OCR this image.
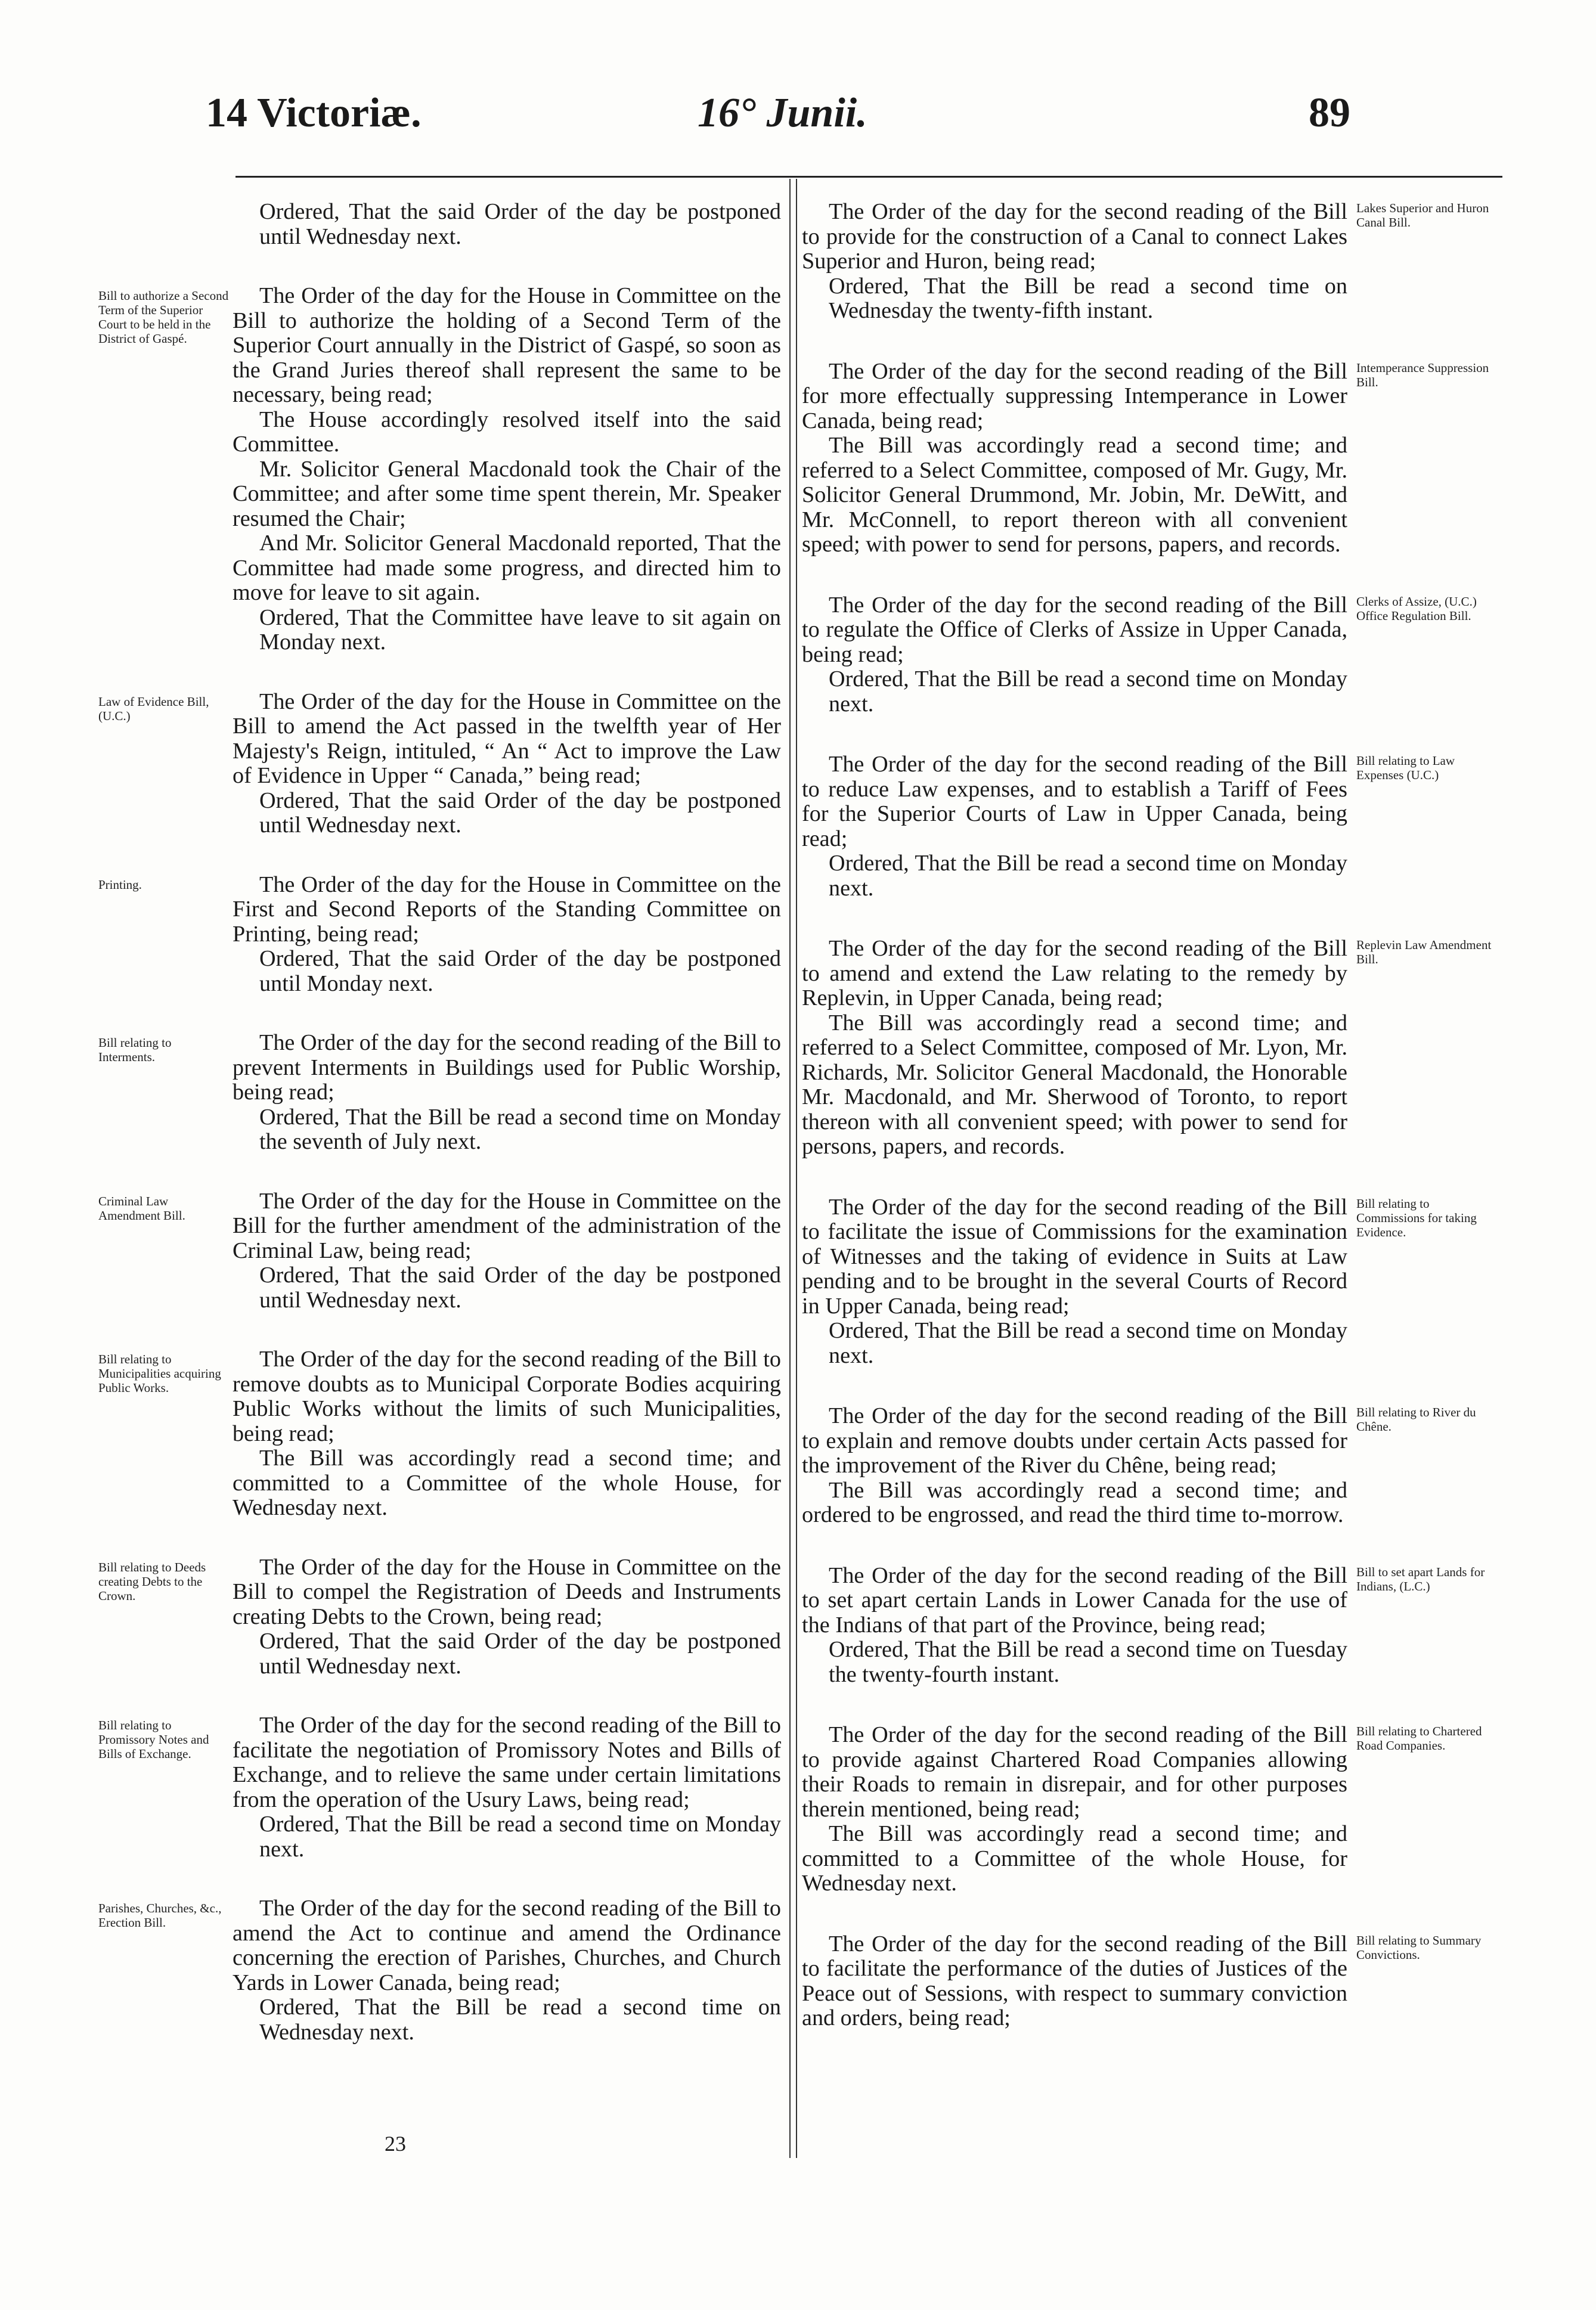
14 Victoriæ.	16° Junii.	89

Ordered, That the said Order of the day be postponed until Wednesday next.

Bill to authorize a Second Term of the Superior Court to be held in the District of Gaspé.

The Order of the day for the House in Committee on the Bill to authorize the holding of a Second Term of the Superior Court annually in the District of Gaspé, so soon as the Grand Juries thereof shall represent the same to be necessary, being read;

The House accordingly resolved itself into the said Committee.

Mr. Solicitor General Macdonald took the Chair of the Committee; and after some time spent therein, Mr. Speaker resumed the Chair;

And Mr. Solicitor General Macdonald reported, That the Committee had made some progress, and directed him to move for leave to sit again.

Ordered, That the Committee have leave to sit again on Monday next.

Law of Evidence Bill, (U.C.)

The Order of the day for the House in Committee on the Bill to amend the Act passed in the twelfth year of Her Majesty's Reign, intituled, “ An “ Act to improve the Law of Evidence in Upper “ Canada,” being read;

Ordered, That the said Order of the day be postponed until Wednesday next.

Printing.	The Order of the day for the House in Committee on the First and Second Reports of the Standing Committee on Printing, being read;

Ordered, That the said Order of the day be postponed until Monday next.

Bill relating to Interments.

The Order of the day for the second reading of the Bill to prevent Interments in Buildings used for Public Worship, being read;

Ordered, That the Bill be read a second time on Monday the seventh of July next.

Criminal Law Amendment Bill.

The Order of the day for the House in Committee on the Bill for the further amendment of the administration of the Criminal Law, being read;

Ordered, That the said Order of the day be postponed until Wednesday next.

Bill relating to Municipalities acquiring Public Works.

The Order of the day for the second reading of the Bill to remove doubts as to Municipal Corporate Bodies acquiring Public Works without the limits of such Municipalities, being read;

The Bill was accordingly read a second time; and committed to a Committee of the whole House, for Wednesday next.

Bill relating to Deeds creating Debts to the Crown.

The Order of the day for the House in Committee on the Bill to compel the Registration of Deeds and Instruments creating Debts to the Crown, being read;

Ordered, That the said Order of the day be postponed until Wednesday next.

Bill relating to Promissory Notes and Bills of Exchange.

The Order of the day for the second reading of the Bill to facilitate the negotiation of Promissory Notes and Bills of Exchange, and to relieve the same under certain limitations from the operation of the Usury Laws, being read;

Ordered, That the Bill be read a second time on Monday next.

Parishes, Churches, &c., Erection Bill.

The Order of the day for the second reading of the Bill to amend the Act to continue and amend the Ordinance concerning the erection of Parishes, Churches, and Church Yards in Lower Canada, being read;

Ordered, That the Bill be read a second time on Wednesday next.

Lakes Superior and Huron Canal Bill.

The Order of the day for the second reading of the Bill to provide for the construction of a Canal to connect Lakes Superior and Huron, being read;

Ordered, That the Bill be read a second time on Wednesday the twenty-fifth instant.

Intemperance Suppression Bill.

The Order of the day for the second reading of the Bill for more effectually suppressing Intemperance in Lower Canada, being read;

The Bill was accordingly read a second time; and referred to a Select Committee, composed of Mr. Gugy, Mr. Solicitor General Drummond, Mr. Jobin, Mr. DeWitt, and Mr. McConnell, to report thereon with all convenient speed; with power to send for persons, papers, and records.

Clerks of Assize, (U.C.) Office Regulation Bill.

The Order of the day for the second reading of the Bill to regulate the Office of Clerks of Assize in Upper Canada, being read;

Ordered, That the Bill be read a second time on Monday next.

Bill relating to Law Expenses (U.C.)

The Order of the day for the second reading of the Bill to reduce Law expenses, and to establish a Tariff of Fees for the Superior Courts of Law in Upper Canada, being read;

Ordered, That the Bill be read a second time on Monday next.

Replevin Law Amendment Bill.

The Order of the day for the second reading of the Bill to amend and extend the Law relating to the remedy by Replevin, in Upper Canada, being read;

The Bill was accordingly read a second time; and referred to a Select Committee, composed of Mr. Lyon, Mr. Richards, Mr. Solicitor General Macdonald, the Honorable Mr. Macdonald, and Mr. Sherwood of Toronto, to report thereon with all convenient speed; with power to send for persons, papers, and records.

Bill relating to Commissions for taking Evidence.

The Order of the day for the second reading of the Bill to facilitate the issue of Commissions for the examination of Witnesses and the taking of evidence in Suits at Law pending and to be brought in the several Courts of Record in Upper Canada, being read;

Ordered, That the Bill be read a second time on Monday next.

Bill relating to River du Chêne.

The Order of the day for the second reading of the Bill to explain and remove doubts under certain Acts passed for the improvement of the River du Chêne, being read;

The Bill was accordingly read a second time; and ordered to be engrossed, and read the third time to-morrow.

Bill to set apart Lands for Indians, (L.C.)

The Order of the day for the second reading of the Bill to set apart certain Lands in Lower Canada for the use of the Indians of that part of the Province, being read;

Ordered, That the Bill be read a second time on Tuesday the twenty-fourth instant.

Bill relating to Chartered Road Companies.

The Order of the day for the second reading of the Bill to provide against Chartered Road Companies allowing their Roads to remain in disrepair, and for other purposes therein mentioned, being read;

The Bill was accordingly read a second time; and committed to a Committee of the whole House, for Wednesday next.

Bill relating to Summary Convictions.

The Order of the day for the second reading of the Bill to facilitate the performance of the duties of Justices of the Peace out of Sessions, with respect to summary conviction and orders, being read;

23
